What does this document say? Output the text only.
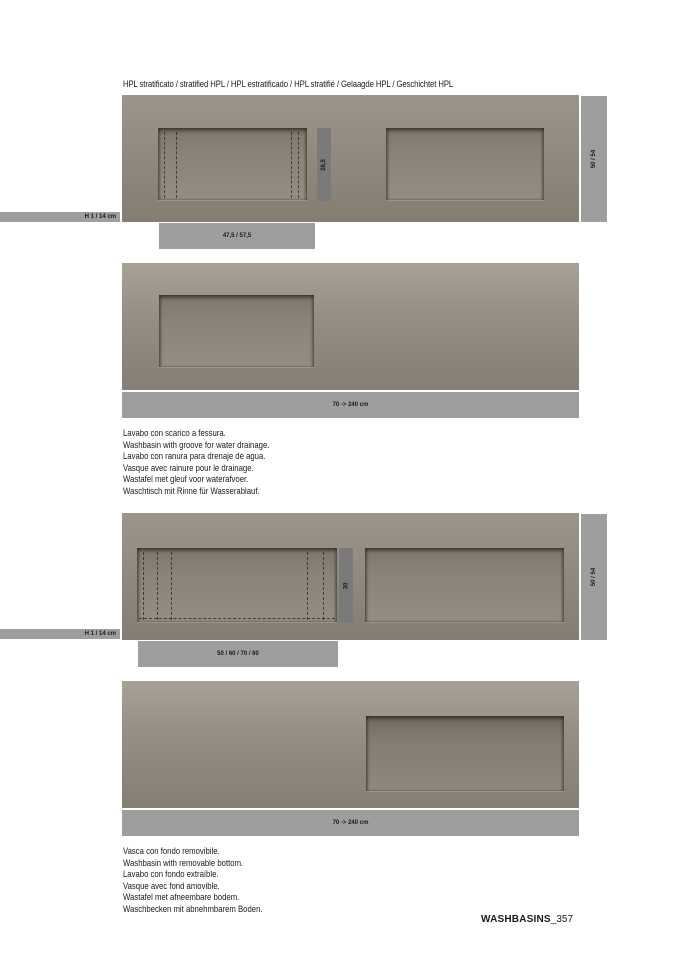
HPL stratificato / stratified HPL / HPL estratificado / HPL stratifié / Gelaagde HPL / Geschichtet HPL
28,5	50 / 54
H 1 / 14 cm
47,5 / 57,5
70 -> 240 cm
Lavabo con scarico a fessura.
Washbasin with groove for water drainage.
Lavabo con ranura para drenaje de agua.
Vasque avec rainure pour le drainage.
Wastafel met gleuf voor waterafvoer.
Waschtisch mit Rinne für Wasserablauf.
30	50 / 54
H 1 / 14 cm
50 / 60 / 70 / 80
70 -> 240 cm
Vasca con fondo removibile.
Washbasin with removable bottom.
Lavabo con fondo extraíble.
Vasque avec fond amovible.
Wastafel met afneembare bodem.
Waschbecken mit abnehmbarem Boden.
WASHBASINS_357
